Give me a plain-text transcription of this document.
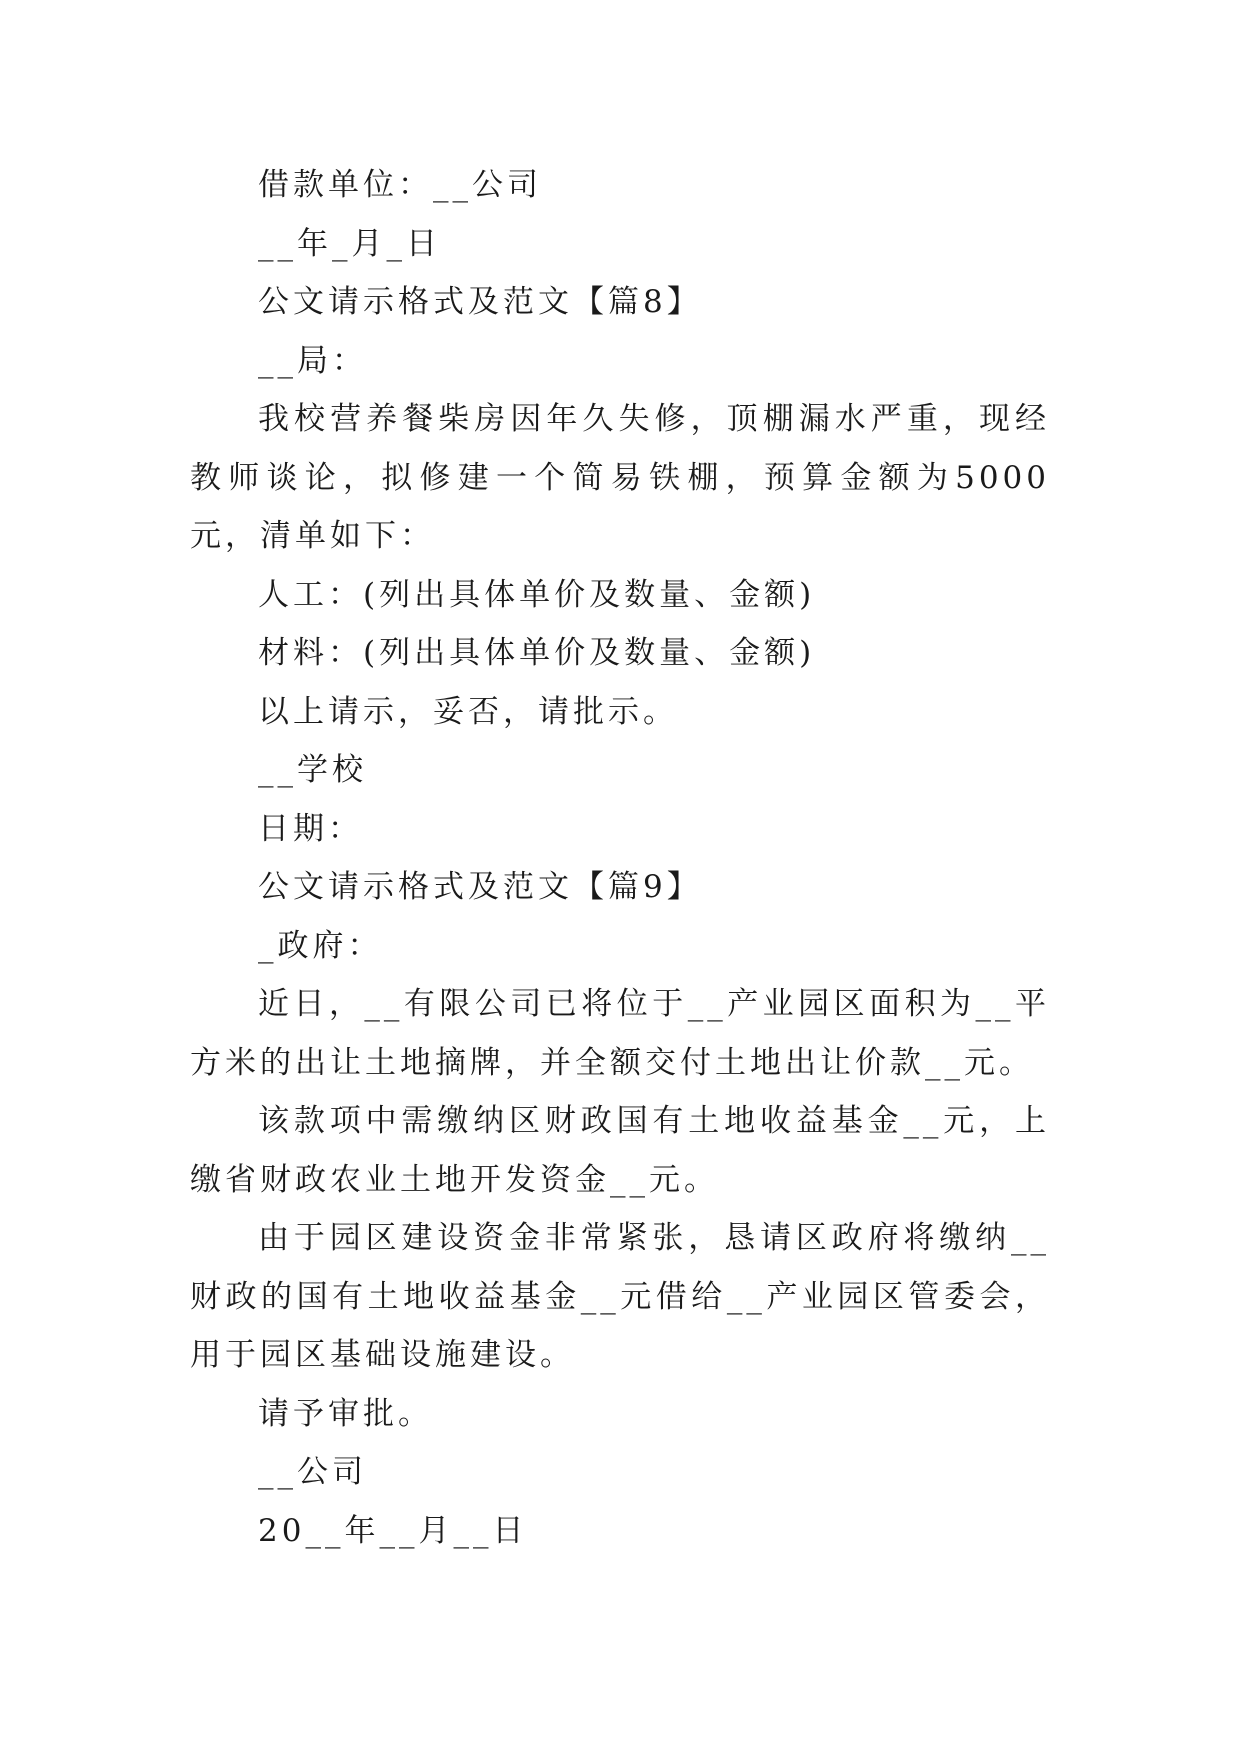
借款单位：__公司
__年_月_日
公文请示格式及范文【篇8】
__局：
我校营养餐柴房因年久失修，顶棚漏水严重，现经教师谈论，拟修建一个简易铁棚，预算金额为5000元，清单如下：
人工：(列出具体单价及数量、金额)
材料：(列出具体单价及数量、金额)
以上请示，妥否，请批示。
__学校
日期：
公文请示格式及范文【篇9】
_政府：
近日，__有限公司已将位于__产业园区面积为__平方米的出让土地摘牌，并全额交付土地出让价款__元。
该款项中需缴纳区财政国有土地收益基金__元，上缴省财政农业土地开发资金__元。
由于园区建设资金非常紧张，恳请区政府将缴纳__财政的国有土地收益基金__元借给__产业园区管委会，用于园区基础设施建设。
请予审批。
__公司
20__年__月__日
